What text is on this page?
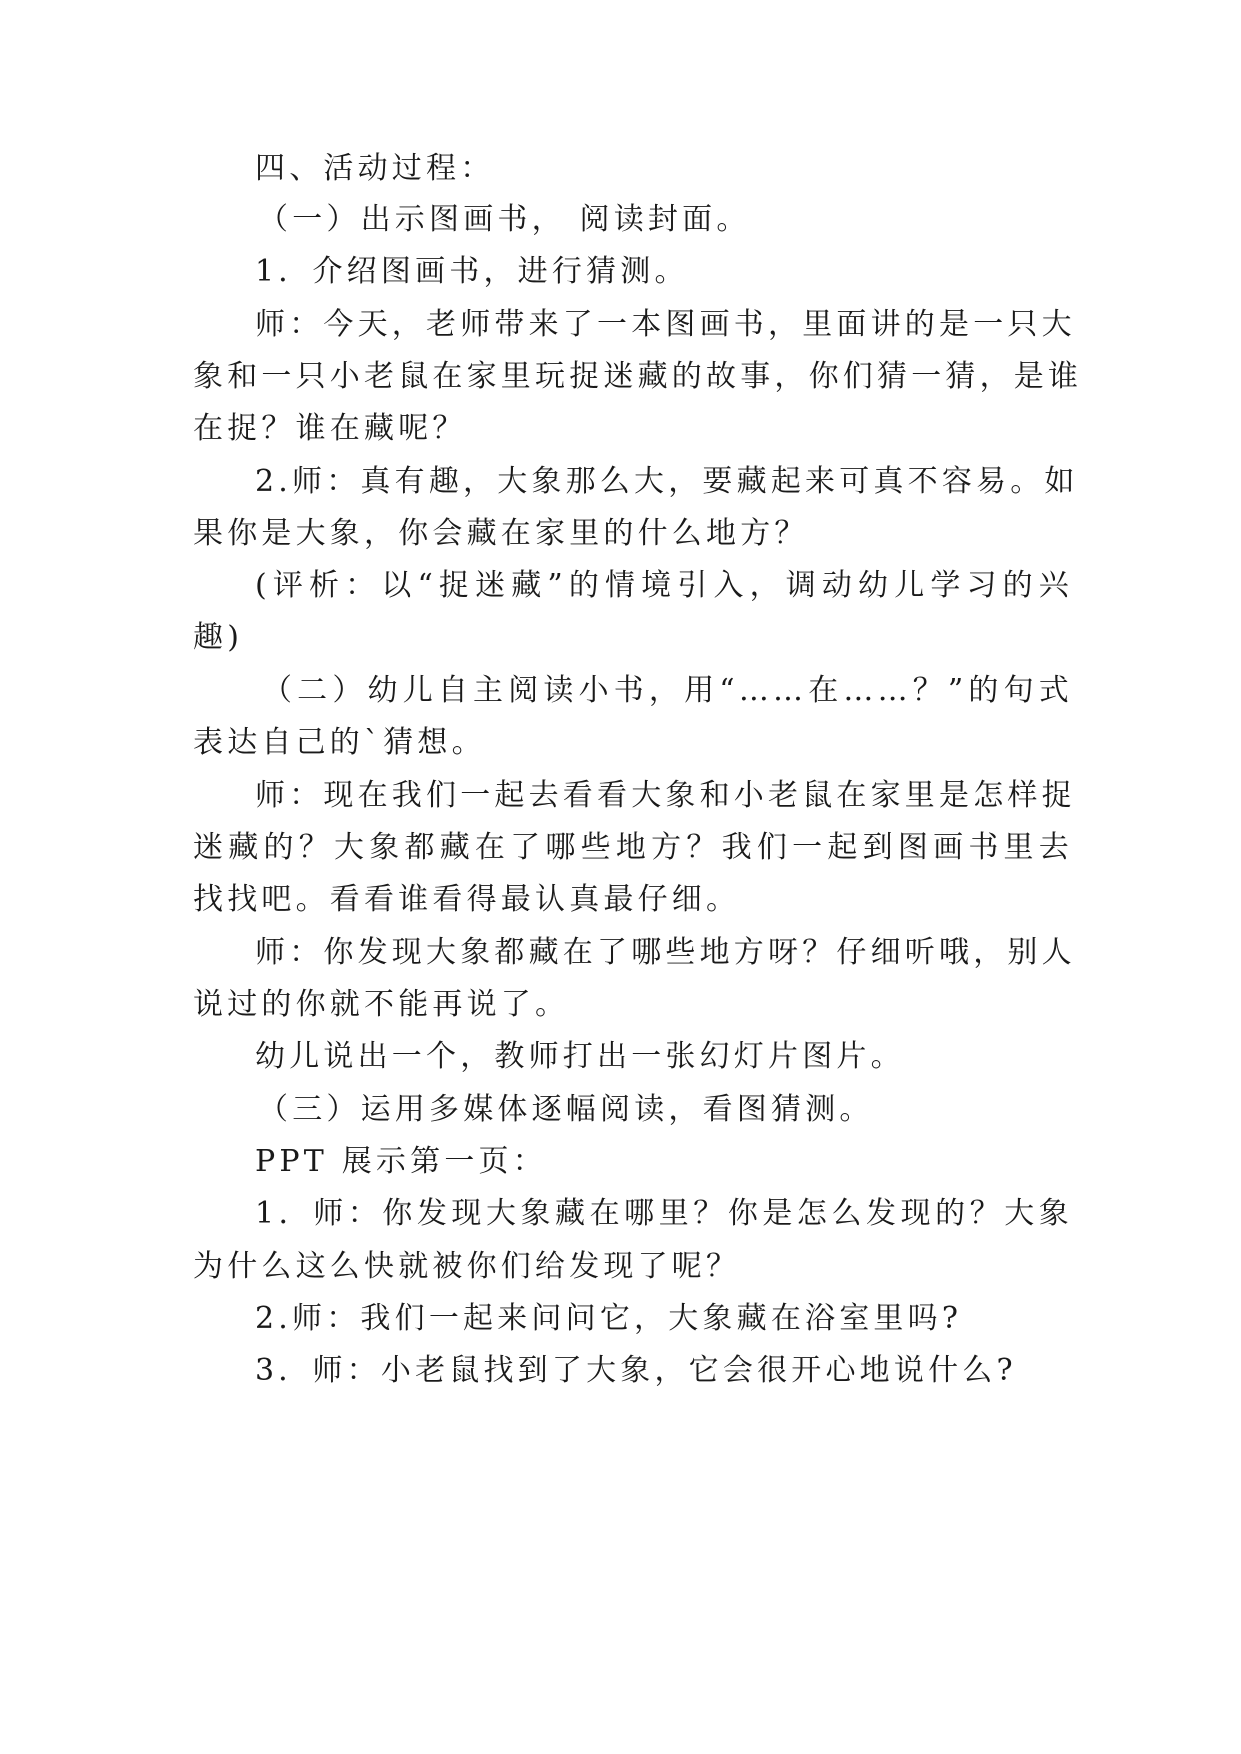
四、活动过程：
（一）出示图画书， 阅读封面。
1．介绍图画书，进行猜测。
师：今天，老师带来了一本图画书，里面讲的是一只大
象和一只小老鼠在家里玩捉迷藏的故事，你们猜一猜，是谁
在捉？谁在藏呢？
2.师：真有趣，大象那么大，要藏起来可真不容易。如
果你是大象，你会藏在家里的什么地方？
(评析：以“捉迷藏”的情境引入，调动幼儿学习的兴
趣)
（二）幼儿自主阅读小书，用“……在……？”的句式
表达自己的`猜想。
师：现在我们一起去看看大象和小老鼠在家里是怎样捉
迷藏的？大象都藏在了哪些地方？我们一起到图画书里去
找找吧。看看谁看得最认真最仔细。
师：你发现大象都藏在了哪些地方呀？仔细听哦，别人
说过的你就不能再说了。
幼儿说出一个，教师打出一张幻灯片图片。
（三）运用多媒体逐幅阅读，看图猜测。
PPT 展示第一页：
1．师：你发现大象藏在哪里？你是怎么发现的？大象
为什么这么快就被你们给发现了呢？
2.师：我们一起来问问它，大象藏在浴室里吗?
3．师：小老鼠找到了大象，它会很开心地说什么?
